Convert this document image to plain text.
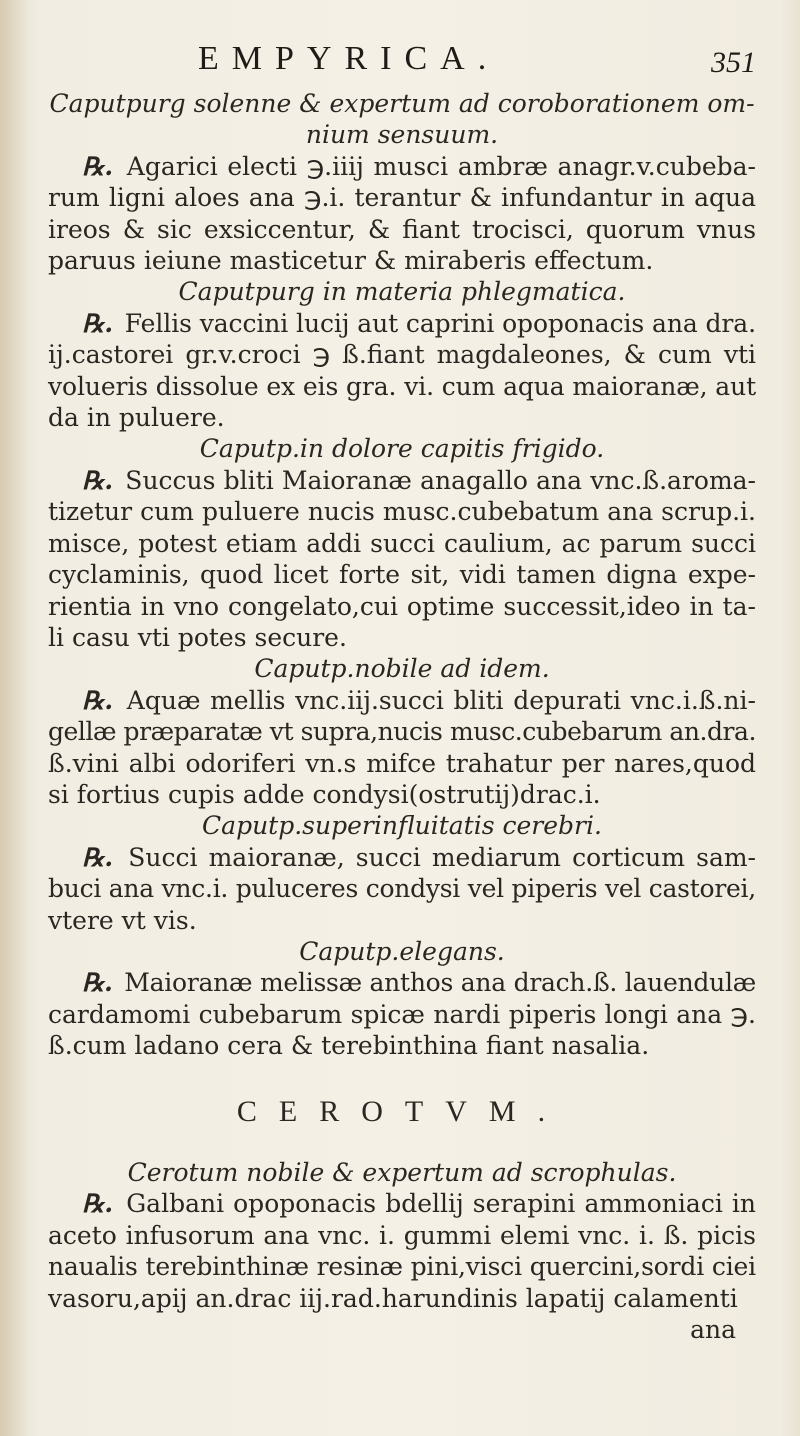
EMPYRICA.	351

Caputpurg solenne & expertum ad coroborationem om-

nium sensuum.

℞. Agarici electi ℈.iiij musci ambræ anagr.v.cubeba-
rum ligni aloes ana ℈.i. terantur & infundantur in aqua
ireos & sic exsiccentur, & fiant trocisci, quorum vnus
paruus ieiune masticetur & miraberis effectum.

Caputpurg in materia phlegmatica.

℞. Fellis vaccini lucij aut caprini opoponacis ana dra.
ij.castorei gr.v.croci ℈ ß.fiant magdaleones, & cum vti
volueris dissolue ex eis gra. vi. cum aqua maioranæ, aut
da in puluere.

Caputp.in dolore capitis frigido.

℞. Succus bliti Maioranæ anagallo ana vnc.ß.aroma-
tizetur cum puluere nucis musc.cubebatum ana scrup.i.
misce, potest etiam addi succi caulium, ac parum succi
cyclaminis, quod licet forte sit, vidi tamen digna expe-
rientia in vno congelato,cui optime successit,ideo in ta-
li casu vti potes secure.

Caputp.nobile ad idem.

℞. Aquæ mellis vnc.iij.succi bliti depurati vnc.i.ß.ni-
gellæ præparatæ vt supra,nucis musc.cubebarum an.dra.
ß.vini albi odoriferi vn.s mifce trahatur per nares,quod
si fortius cupis adde condysi(ostrutij)drac.i.

Caputp.superinfluitatis cerebri.

℞. Succi maioranæ, succi mediarum corticum sam-
buci ana vnc.i. puluceres condysi vel piperis vel castorei,
vtere vt vis.

Caputp.elegans.

℞. Maioranæ melissæ anthos ana drach.ß. lauendulæ
cardamomi cubebarum spicæ nardi piperis longi ana ℈.
ß.cum ladano cera & terebinthina fiant nasalia.

CEROTVM.

Cerotum nobile & expertum ad scrophulas.

℞. Galbani opoponacis bdellij serapini ammoniaci in
aceto infusorum ana vnc. i. gummi elemi vnc. i. ß. picis
naualis terebinthinæ resinæ pini,visci quercini,sordi ciei
vasoru,apij an.drac iij.rad.harundinis lapatij calamenti

ana
